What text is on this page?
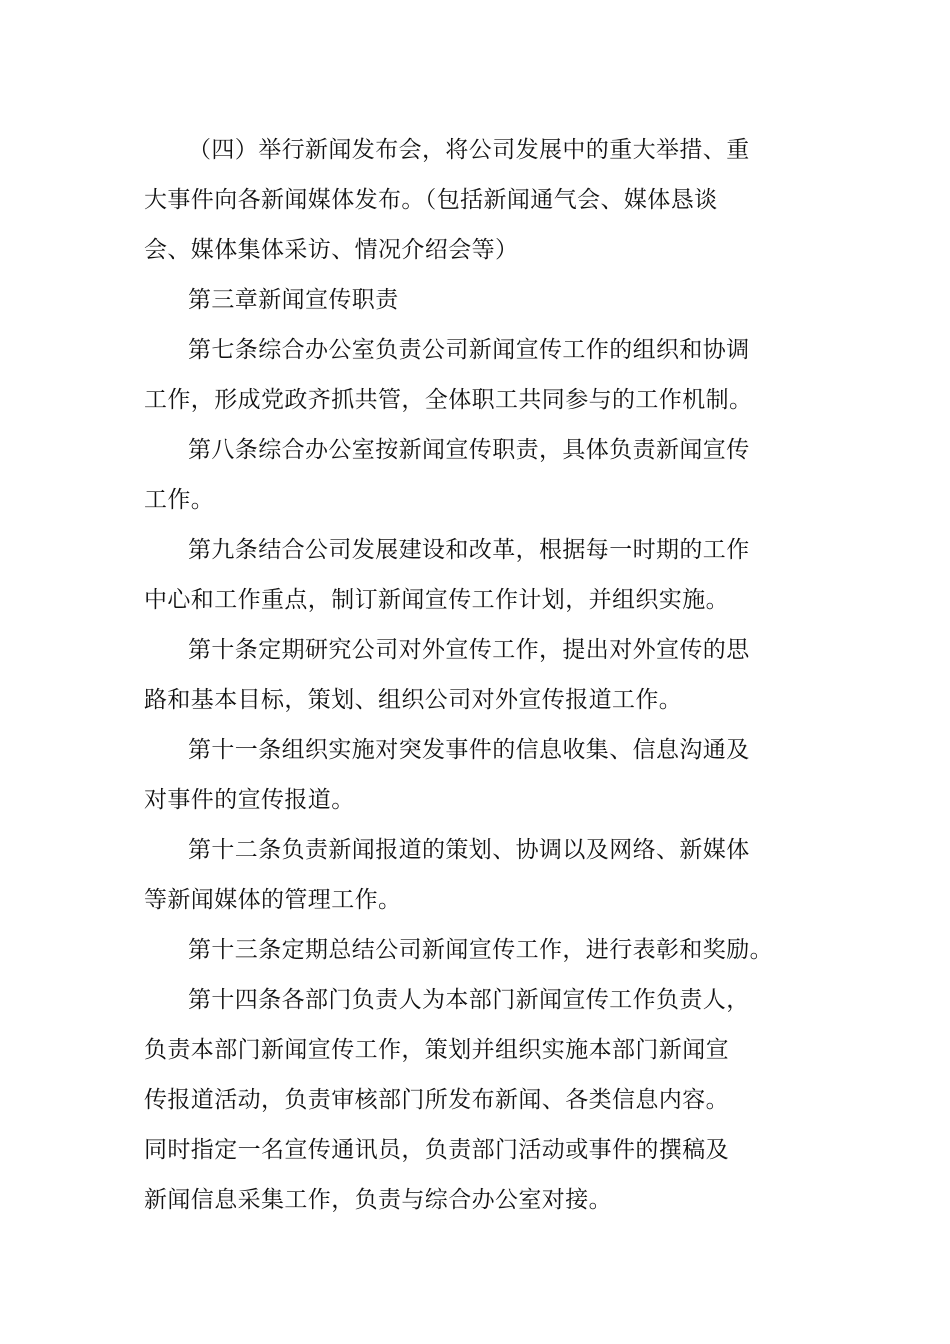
（四）举行新闻发布会，将公司发展中的重大举措、重
大事件向各新闻媒体发布。（包括新闻通气会、媒体恳谈
会、媒体集体采访、情况介绍会等）
第三章新闻宣传职责
第七条综合办公室负责公司新闻宣传工作的组织和协调
工作，形成党政齐抓共管，全体职工共同参与的工作机制。
第八条综合办公室按新闻宣传职责，具体负责新闻宣传
工作。
第九条结合公司发展建设和改革，根据每一时期的工作
中心和工作重点，制订新闻宣传工作计划，并组织实施。
第十条定期研究公司对外宣传工作，提出对外宣传的思
路和基本目标，策划、组织公司对外宣传报道工作。
第十一条组织实施对突发事件的信息收集、信息沟通及
对事件的宣传报道。
第十二条负责新闻报道的策划、协调以及网络、新媒体
等新闻媒体的管理工作。
第十三条定期总结公司新闻宣传工作，进行表彰和奖励。
第十四条各部门负责人为本部门新闻宣传工作负责人，
负责本部门新闻宣传工作，策划并组织实施本部门新闻宣
传报道活动，负责审核部门所发布新闻、各类信息内容。
同时指定一名宣传通讯员，负责部门活动或事件的撰稿及
新闻信息采集工作，负责与综合办公室对接。
